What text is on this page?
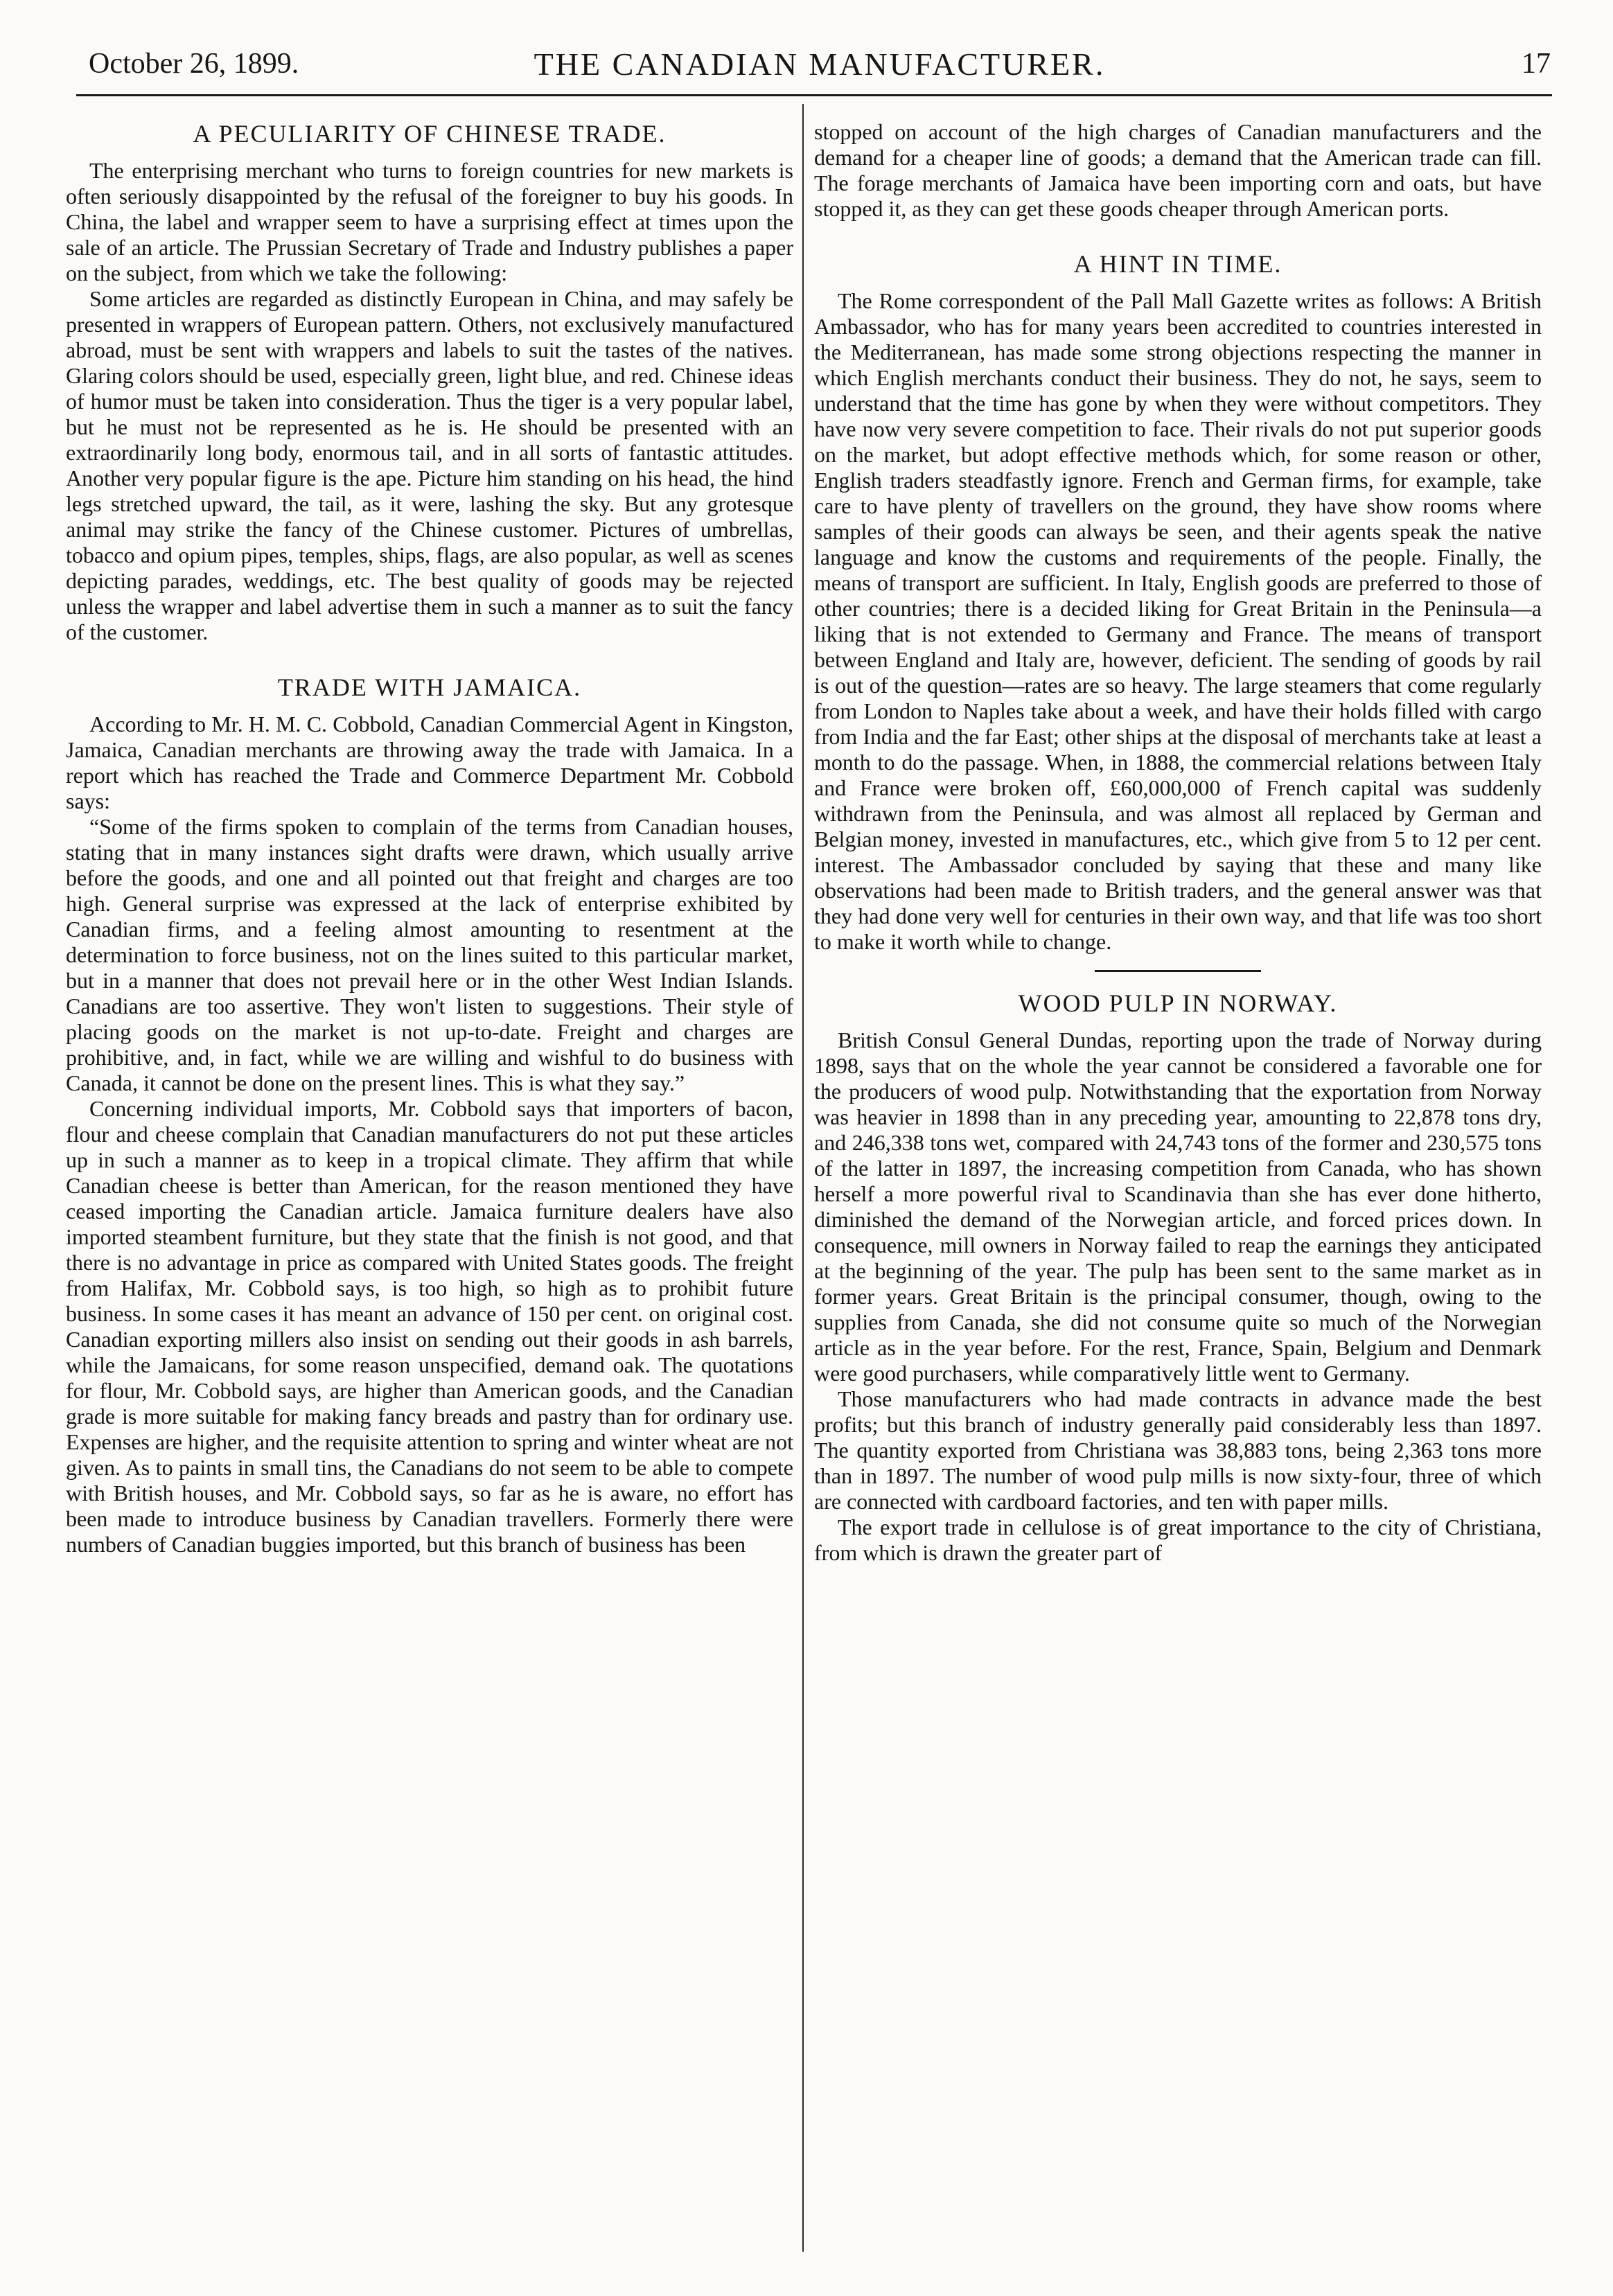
October 26, 1899.	THE CANADIAN MANUFACTURER.	17
A PECULIARITY OF CHINESE TRADE.

The enterprising merchant who turns to foreign countries for new markets is often seriously disappointed by the refusal of the foreigner to buy his goods. In China, the label and wrapper seem to have a surprising effect at times upon the sale of an article. The Prussian Secretary of Trade and Industry publishes a paper on the subject, from which we take the following:

Some articles are regarded as distinctly European in China, and may safely be presented in wrappers of European pattern. Others, not exclusively manufactured abroad, must be sent with wrappers and labels to suit the tastes of the natives. Glaring colors should be used, especially green, light blue, and red. Chinese ideas of humor must be taken into consideration. Thus the tiger is a very popular label, but he must not be represented as he is. He should be presented with an extraordinarily long body, enormous tail, and in all sorts of fantastic attitudes. Another very popular figure is the ape. Picture him standing on his head, the hind legs stretched upward, the tail, as it were, lashing the sky. But any grotesque animal may strike the fancy of the Chinese customer. Pictures of umbrellas, tobacco and opium pipes, temples, ships, flags, are also popular, as well as scenes depicting parades, weddings, etc. The best quality of goods may be rejected unless the wrapper and label advertise them in such a manner as to suit the fancy of the customer.

TRADE WITH JAMAICA.

According to Mr. H. M. C. Cobbold, Canadian Commercial Agent in Kingston, Jamaica, Canadian merchants are throwing away the trade with Jamaica. In a report which has reached the Trade and Commerce Department Mr. Cobbold says:

“Some of the firms spoken to complain of the terms from Canadian houses, stating that in many instances sight drafts were drawn, which usually arrive before the goods, and one and all pointed out that freight and charges are too high. General surprise was expressed at the lack of enterprise exhibited by Canadian firms, and a feeling almost amounting to resentment at the determination to force business, not on the lines suited to this particular market, but in a manner that does not prevail here or in the other West Indian Islands. Canadians are too assertive. They won't listen to suggestions. Their style of placing goods on the market is not up-to-date. Freight and charges are prohibitive, and, in fact, while we are willing and wishful to do business with Canada, it cannot be done on the present lines. This is what they say.”

Concerning individual imports, Mr. Cobbold says that importers of bacon, flour and cheese complain that Canadian manufacturers do not put these articles up in such a manner as to keep in a tropical climate. They affirm that while Canadian cheese is better than American, for the reason mentioned they have ceased importing the Canadian article. Jamaica furniture dealers have also imported steambent furniture, but they state that the finish is not good, and that there is no advantage in price as compared with United States goods. The freight from Halifax, Mr. Cobbold says, is too high, so high as to prohibit future business. In some cases it has meant an advance of 150 per cent. on original cost. Canadian exporting millers also insist on sending out their goods in ash barrels, while the Jamaicans, for some reason unspecified, demand oak. The quotations for flour, Mr. Cobbold says, are higher than American goods, and the Canadian grade is more suitable for making fancy breads and pastry than for ordinary use. Expenses are higher, and the requisite attention to spring and winter wheat are not given. As to paints in small tins, the Canadians do not seem to be able to compete with British houses, and Mr. Cobbold says, so far as he is aware, no effort has been made to introduce business by Canadian travellers. Formerly there were numbers of Canadian buggies imported, but this branch of business has been

stopped on account of the high charges of Canadian manufacturers and the demand for a cheaper line of goods; a demand that the American trade can fill. The forage merchants of Jamaica have been importing corn and oats, but have stopped it, as they can get these goods cheaper through American ports.

A HINT IN TIME.

The Rome correspondent of the Pall Mall Gazette writes as follows: A British Ambassador, who has for many years been accredited to countries interested in the Mediterranean, has made some strong objections respecting the manner in which English merchants conduct their business. They do not, he says, seem to understand that the time has gone by when they were without competitors. They have now very severe competition to face. Their rivals do not put superior goods on the market, but adopt effective methods which, for some reason or other, English traders steadfastly ignore. French and German firms, for example, take care to have plenty of travellers on the ground, they have show rooms where samples of their goods can always be seen, and their agents speak the native language and know the customs and requirements of the people. Finally, the means of transport are sufficient. In Italy, English goods are preferred to those of other countries; there is a decided liking for Great Britain in the Peninsula—a liking that is not extended to Germany and France. The means of transport between England and Italy are, however, deficient. The sending of goods by rail is out of the question—rates are so heavy. The large steamers that come regularly from London to Naples take about a week, and have their holds filled with cargo from India and the far East; other ships at the disposal of merchants take at least a month to do the passage. When, in 1888, the commercial relations between Italy and France were broken off, £60,000,000 of French capital was suddenly withdrawn from the Peninsula, and was almost all replaced by German and Belgian money, invested in manufactures, etc., which give from 5 to 12 per cent. interest. The Ambassador concluded by saying that these and many like observations had been made to British traders, and the general answer was that they had done very well for centuries in their own way, and that life was too short to make it worth while to change.

WOOD PULP IN NORWAY.

British Consul General Dundas, reporting upon the trade of Norway during 1898, says that on the whole the year cannot be considered a favorable one for the producers of wood pulp. Notwithstanding that the exportation from Norway was heavier in 1898 than in any preceding year, amounting to 22,878 tons dry, and 246,338 tons wet, compared with 24,743 tons of the former and 230,575 tons of the latter in 1897, the increasing competition from Canada, who has shown herself a more powerful rival to Scandinavia than she has ever done hitherto, diminished the demand of the Norwegian article, and forced prices down. In consequence, mill owners in Norway failed to reap the earnings they anticipated at the beginning of the year. The pulp has been sent to the same market as in former years. Great Britain is the principal consumer, though, owing to the supplies from Canada, she did not consume quite so much of the Norwegian article as in the year before. For the rest, France, Spain, Belgium and Denmark were good purchasers, while comparatively little went to Germany.

Those manufacturers who had made contracts in advance made the best profits; but this branch of industry generally paid considerably less than 1897. The quantity exported from Christiana was 38,883 tons, being 2,363 tons more than in 1897. The number of wood pulp mills is now sixty-four, three of which are connected with cardboard factories, and ten with paper mills.

The export trade in cellulose is of great importance to the city of Christiana, from which is drawn the greater part of
